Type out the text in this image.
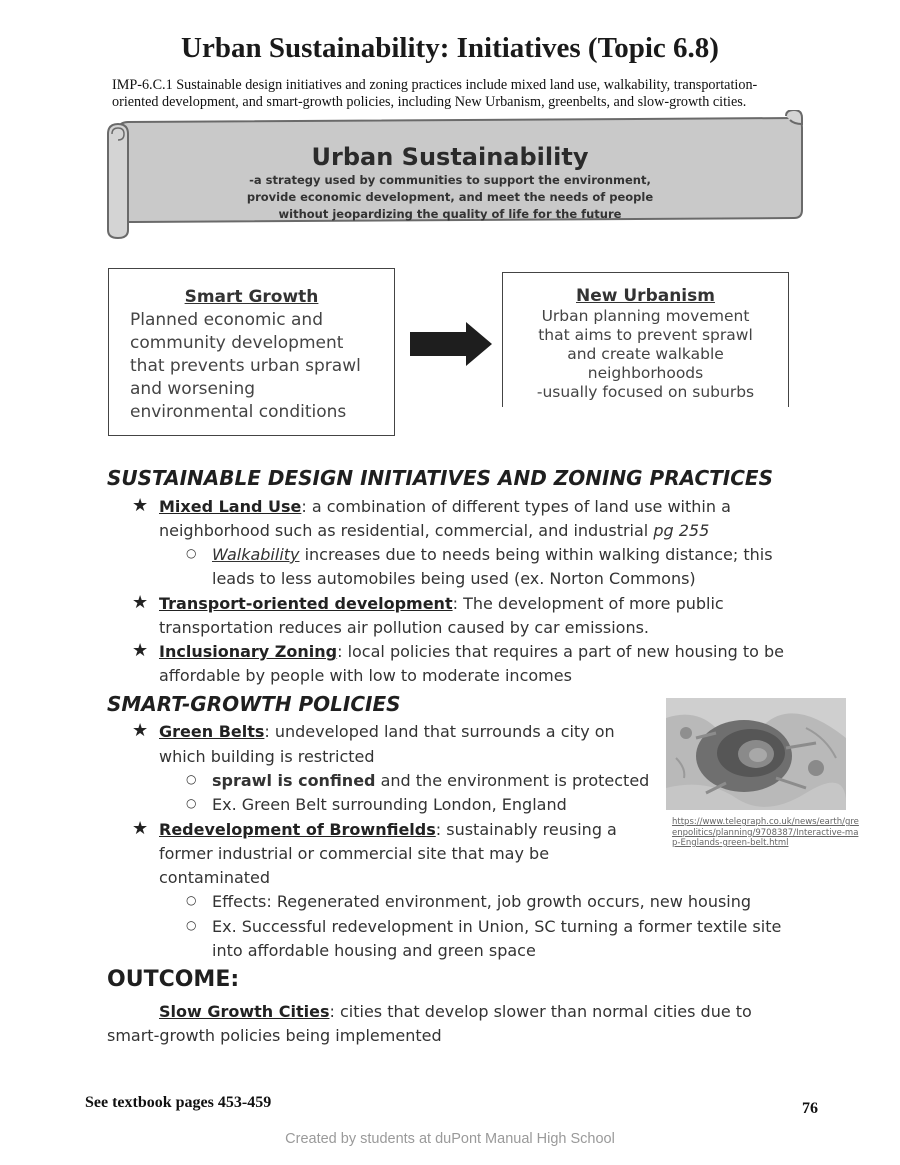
Urban Sustainability: Initiatives (Topic 6.8)
IMP-6.C.1 Sustainable design initiatives and zoning practices include mixed land use, walkability, transportation-oriented development, and smart-growth policies, including New Urbanism, greenbelts, and slow-growth cities.
Urban Sustainability
-a strategy used by communities to support the environment,
provide economic development, and meet the needs of people
without jeopardizing the quality of life for the future
Smart Growth
Planned economic and
community development
that prevents urban sprawl
and worsening
environmental conditions
New Urbanism
Urban planning movement
that aims to prevent sprawl
and create walkable
neighborhoods
-usually focused on suburbs
SUSTAINABLE DESIGN INITIATIVES AND ZONING PRACTICES
★ Mixed Land Use: a combination of different types of land use within a
neighborhood such as residential, commercial, and industrial pg 255
○ Walkability increases due to needs being within walking distance; this
leads to less automobiles being used (ex. Norton Commons)
★ Transport-oriented development: The development of more public
transportation reduces air pollution caused by car emissions.
★ Inclusionary Zoning: local policies that requires a part of new housing to be
affordable by people with low to moderate incomes
SMART-GROWTH POLICIES
★ Green Belts: undeveloped land that surrounds a city on
which building is restricted
○ sprawl is confined and the environment is protected
○ Ex. Green Belt surrounding London, England
★ Redevelopment of Brownfields: sustainably reusing a
former industrial or commercial site that may be
contaminated
○ Effects: Regenerated environment, job growth occurs, new housing
○ Ex. Successful redevelopment in Union, SC turning a former textile site
into affordable housing and green space
https://www.telegraph.co.uk/news/earth/greenpolitics/planning/9708387/Interactive-map-Englands-green-belt.html
OUTCOME:
Slow Growth Cities: cities that develop slower than normal cities due to
smart-growth policies being implemented
See textbook pages 453-459	76
Created by students at duPont Manual High School
